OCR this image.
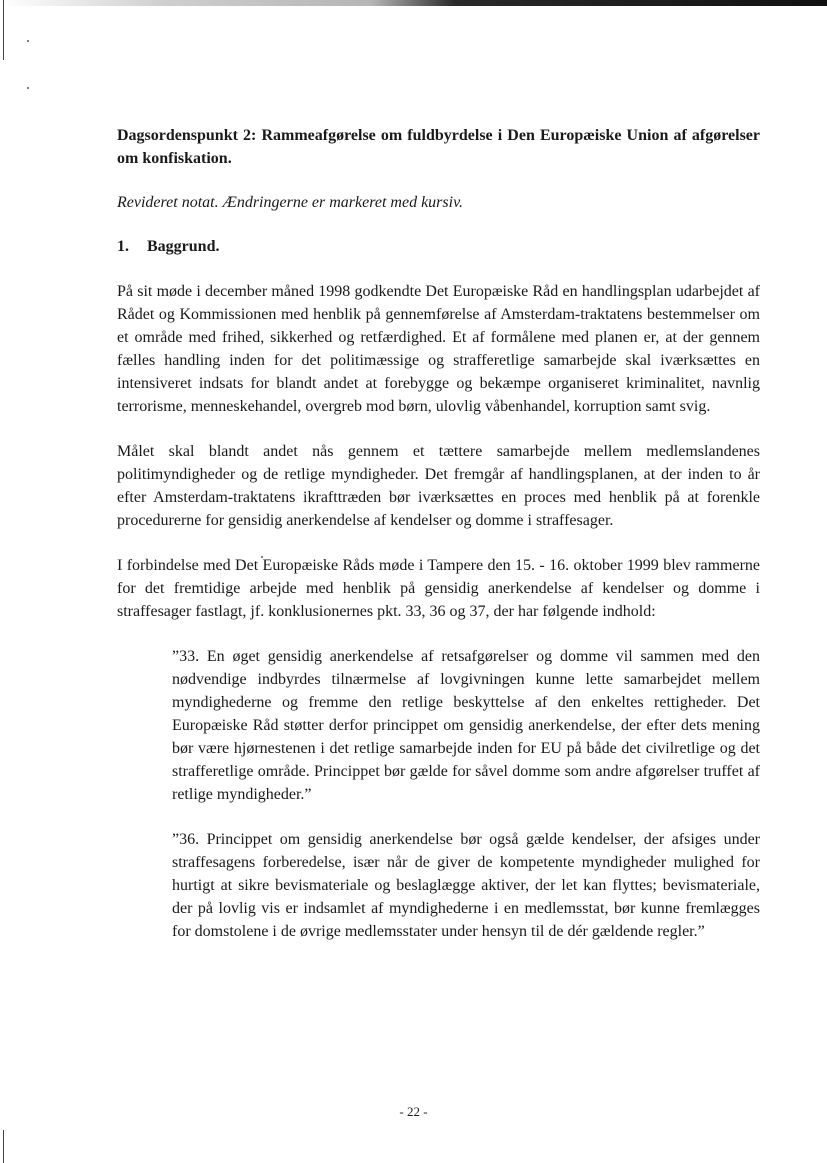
Dagsordenspunkt 2: Rammeafgørelse om fuldbyrdelse i Den Europæiske Union af afgørelser om konfiskation.
Revideret notat. Ændringerne er markeret med kursiv.
1. Baggrund.

På sit møde i december måned 1998 godkendte Det Europæiske Råd en handlingsplan udarbejdet af Rådet og Kommissionen med henblik på gennemførelse af Amsterdam-traktatens bestemmelser om et område med frihed, sikkerhed og retfærdighed. Et af formålene med planen er, at der gennem fælles handling inden for det politimæssige og strafferetlige samarbejde skal iværksættes en intensiveret indsats for blandt andet at forebygge og bekæmpe organiseret kriminalitet, navnlig terrorisme, menneskehandel, overgreb mod børn, ulovlig våbenhandel, korruption samt svig.

Målet skal blandt andet nås gennem et tættere samarbejde mellem medlemslandenes politimyndigheder og de retlige myndigheder. Det fremgår af handlingsplanen, at der inden to år efter Amsterdam-traktatens ikrafttræden bør iværksættes en proces med henblik på at forenkle procedurerne for gensidig anerkendelse af kendelser og domme i straffesager.

I forbindelse med Det Europæiske Råds møde i Tampere den 15. - 16. oktober 1999 blev rammerne for det fremtidige arbejde med henblik på gensidig anerkendelse af kendelser og domme i straffesager fastlagt, jf. konklusionernes pkt. 33, 36 og 37, der har følgende indhold:

”33. En øget gensidig anerkendelse af retsafgørelser og domme vil sammen med den nødvendige indbyrdes tilnærmelse af lovgivningen kunne lette samarbejdet mellem myndighederne og fremme den retlige beskyttelse af den enkeltes rettigheder. Det Europæiske Råd støtter derfor princippet om gensidig anerkendelse, der efter dets mening bør være hjørnestenen i det retlige samarbejde inden for EU på både det civilretlige og det strafferetlige område. Princippet bør gælde for såvel domme som andre afgørelser truffet af retlige myndigheder.”

”36. Princippet om gensidig anerkendelse bør også gælde kendelser, der afsiges under straffesagens forberedelse, især når de giver de kompetente myndigheder mulighed for hurtigt at sikre bevismateriale og beslaglægge aktiver, der let kan flyttes; bevismateriale, der på lovlig vis er indsamlet af myndighederne i en medlemsstat, bør kunne fremlægges for domstolene i de øvrige medlemsstater under hensyn til de dér gældende regler.”

- 22 -
